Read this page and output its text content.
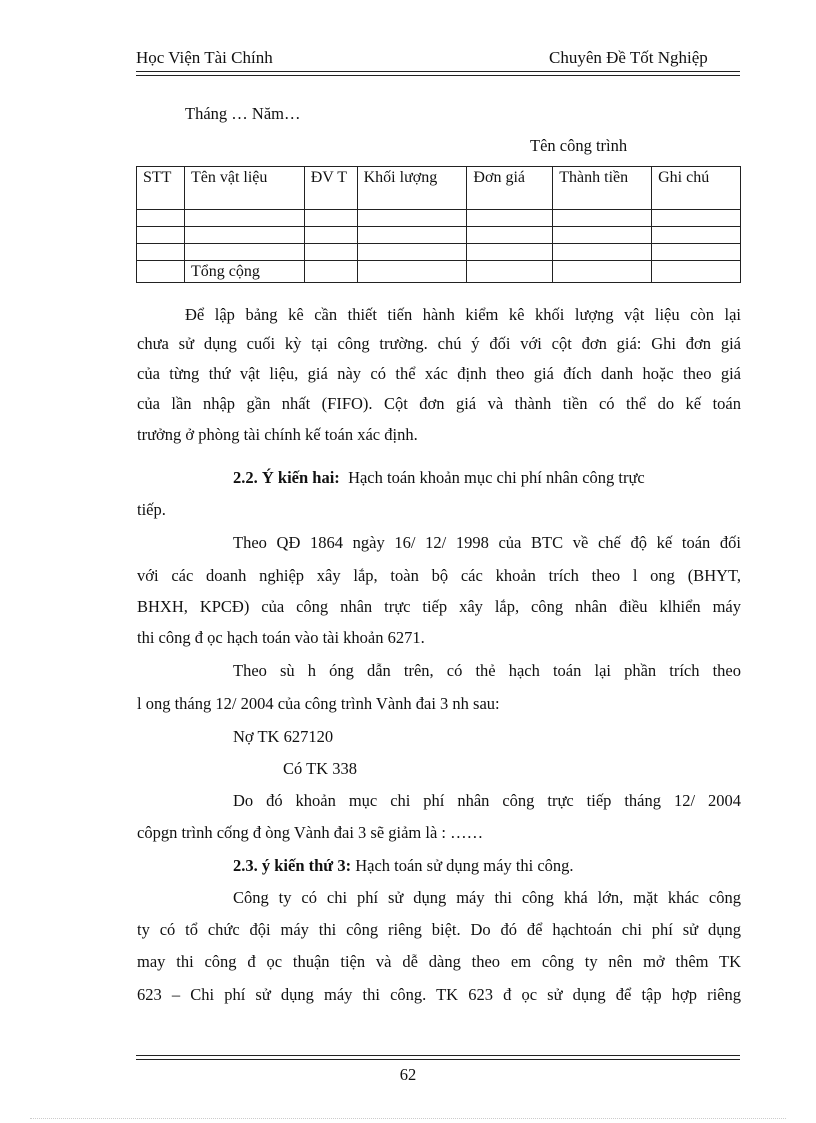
Học Viện Tài Chính	Chuyên Đề Tốt Nghiệp
Tháng … Năm…
Tên công trình
STT	Tên vật liệu	ĐV T	Khối lượng	Đơn giá	Thành tiền	Ghi chú

	Tổng cộng					
Để lập bảng kê cần thiết tiến hành kiểm kê khối lượng vật liệu còn lại
chưa sử dụng cuối kỳ tại công trường. chú ý đối với cột đơn giá: Ghi đơn giá
của từng thứ vật liệu, giá này có thể xác định theo giá đích danh hoặc theo giá
của lần nhập gần nhất (FIFO). Cột đơn giá và thành tiền có thể do kế toán
trưởng ở phòng tài chính kế toán xác định.
2.2. Ý kiến hai: Hạch toán khoản mục chi phí nhân công trực
tiếp.
Theo QĐ 1864 ngày 16/ 12/ 1998 của BTC về chế độ kế toán đối
với các doanh nghiệp xây lắp, toàn bộ các khoản trích theo l ong (BHYT,
BHXH, KPCĐ) của công nhân trực tiếp xây lắp, công nhân điều klhiển máy
thi công đ ọc hạch toán vào tài khoản 6271.
Theo sù h óng dẫn trên, có thẻ hạch toán lại phần trích theo
l ong tháng 12/ 2004 của công trình Vành đai 3 nh sau:
Nợ TK 627120
Có TK 338
Do đó khoản mục chi phí nhân công trực tiếp tháng 12/ 2004
côpgn trình cống đ òng Vành đai 3 sẽ giảm là : ……
2.3. ý kiến thứ 3: Hạch toán sử dụng máy thi công.
Công ty có chi phí sử dụng máy thi công khá lớn, mặt khác công
ty có tổ chức đội máy thi công riêng biệt. Do đó để hạchtoán chi phí sử dụng
may thi công đ ọc thuận tiện và dễ dàng theo em công ty nên mở thêm TK
623 – Chi phí sử dụng máy thi công. TK 623 đ ọc sử dụng để tập hợp riêng
62
